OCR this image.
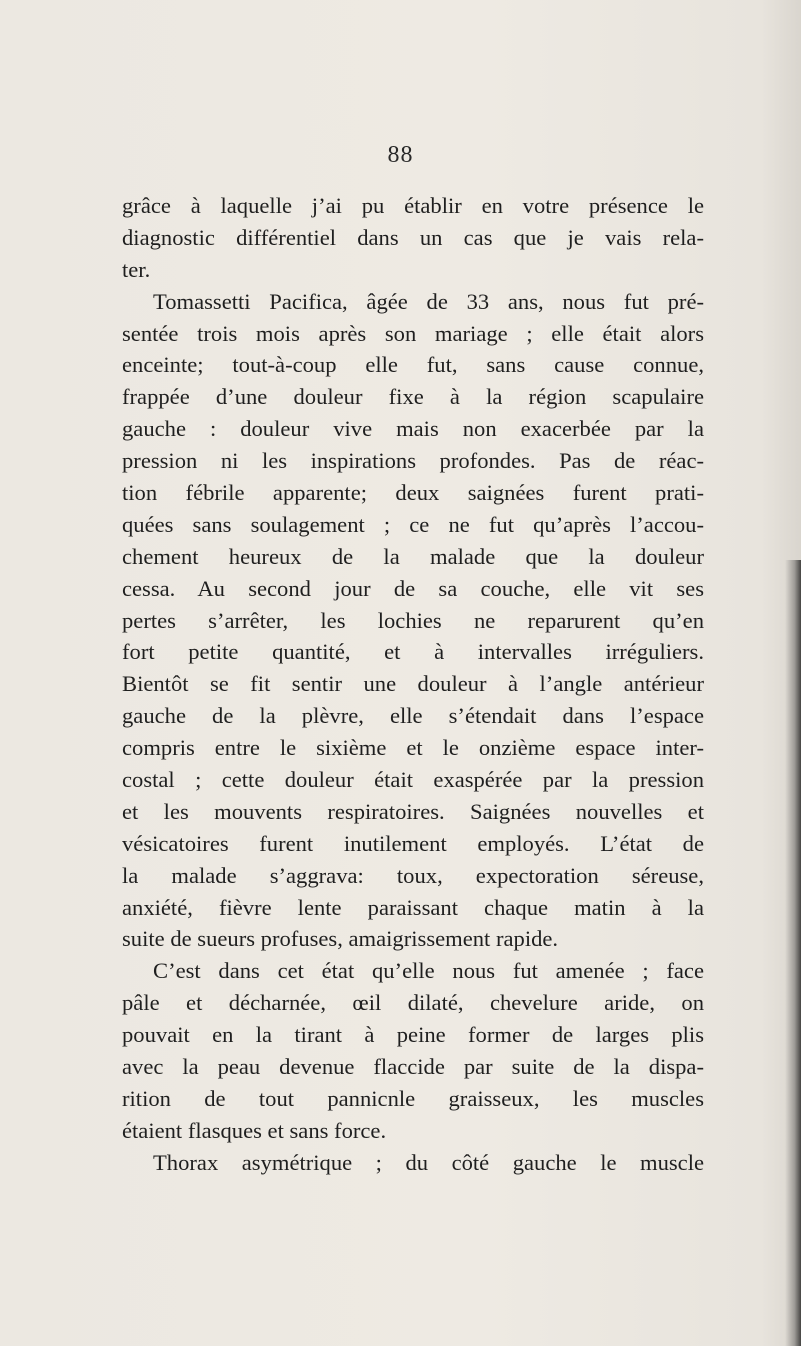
88
grâce à laquelle j’ai pu établir en votre présence le
diagnostic différentiel dans un cas que je vais rela-
ter.
Tomassetti Pacifica, âgée de 33 ans, nous fut pré-
sentée trois mois après son mariage ; elle était alors
enceinte; tout-à-coup elle fut, sans cause connue,
frappée d’une douleur fixe à la région scapulaire
gauche : douleur vive mais non exacerbée par la
pression ni les inspirations profondes. Pas de réac-
tion fébrile apparente; deux saignées furent prati-
quées sans soulagement ; ce ne fut qu’après l’accou-
chement heureux de la malade que la douleur
cessa. Au second jour de sa couche, elle vit ses
pertes s’arrêter, les lochies ne reparurent qu’en
fort petite quantité, et à intervalles irréguliers.
Bientôt se fit sentir une douleur à l’angle antérieur
gauche de la plèvre, elle s’étendait dans l’espace
compris entre le sixième et le onzième espace inter-
costal ; cette douleur était exaspérée par la pression
et les mouvents respiratoires. Saignées nouvelles et
vésicatoires furent inutilement employés. L’état de
la malade s’aggrava: toux, expectoration séreuse,
anxiété, fièvre lente paraissant chaque matin à la
suite de sueurs profuses, amaigrissement rapide.
C’est dans cet état qu’elle nous fut amenée ; face
pâle et décharnée, œil dilaté, chevelure aride, on
pouvait en la tirant à peine former de larges plis
avec la peau devenue flaccide par suite de la dispa-
rition de tout pannicnle graisseux, les muscles
étaient flasques et sans force.
Thorax asymétrique ; du côté gauche le muscle
